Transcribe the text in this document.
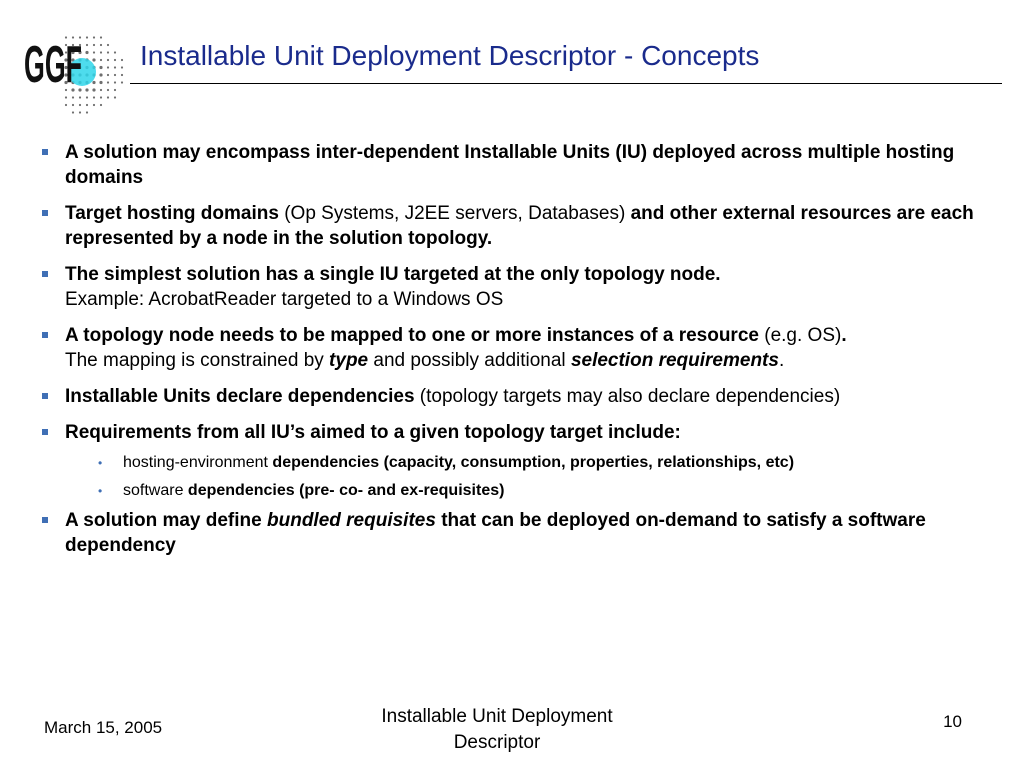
GGF Installable Unit Deployment Descriptor - Concepts
A solution may encompass inter-dependent Installable Units (IU) deployed across multiple hosting domains
Target hosting domains (Op Systems, J2EE servers, Databases) and other external resources are each represented by a node in the solution topology.
The simplest solution has a single IU targeted at the only topology node.
Example: AcrobatReader targeted to a Windows OS
A topology node needs to be mapped to one or more instances of a resource (e.g. OS).
The mapping is constrained by type and possibly additional selection requirements.
Installable Units declare dependencies (topology targets may also declare dependencies)
Requirements from all IU’s aimed to a given topology target include:
• hosting-environment dependencies (capacity, consumption, properties, relationships, etc)
• software dependencies (pre- co- and ex-requisites)
A solution may define bundled requisites that can be deployed on-demand to satisfy a software dependency
March 15, 2005
Installable Unit Deployment Descriptor
10
